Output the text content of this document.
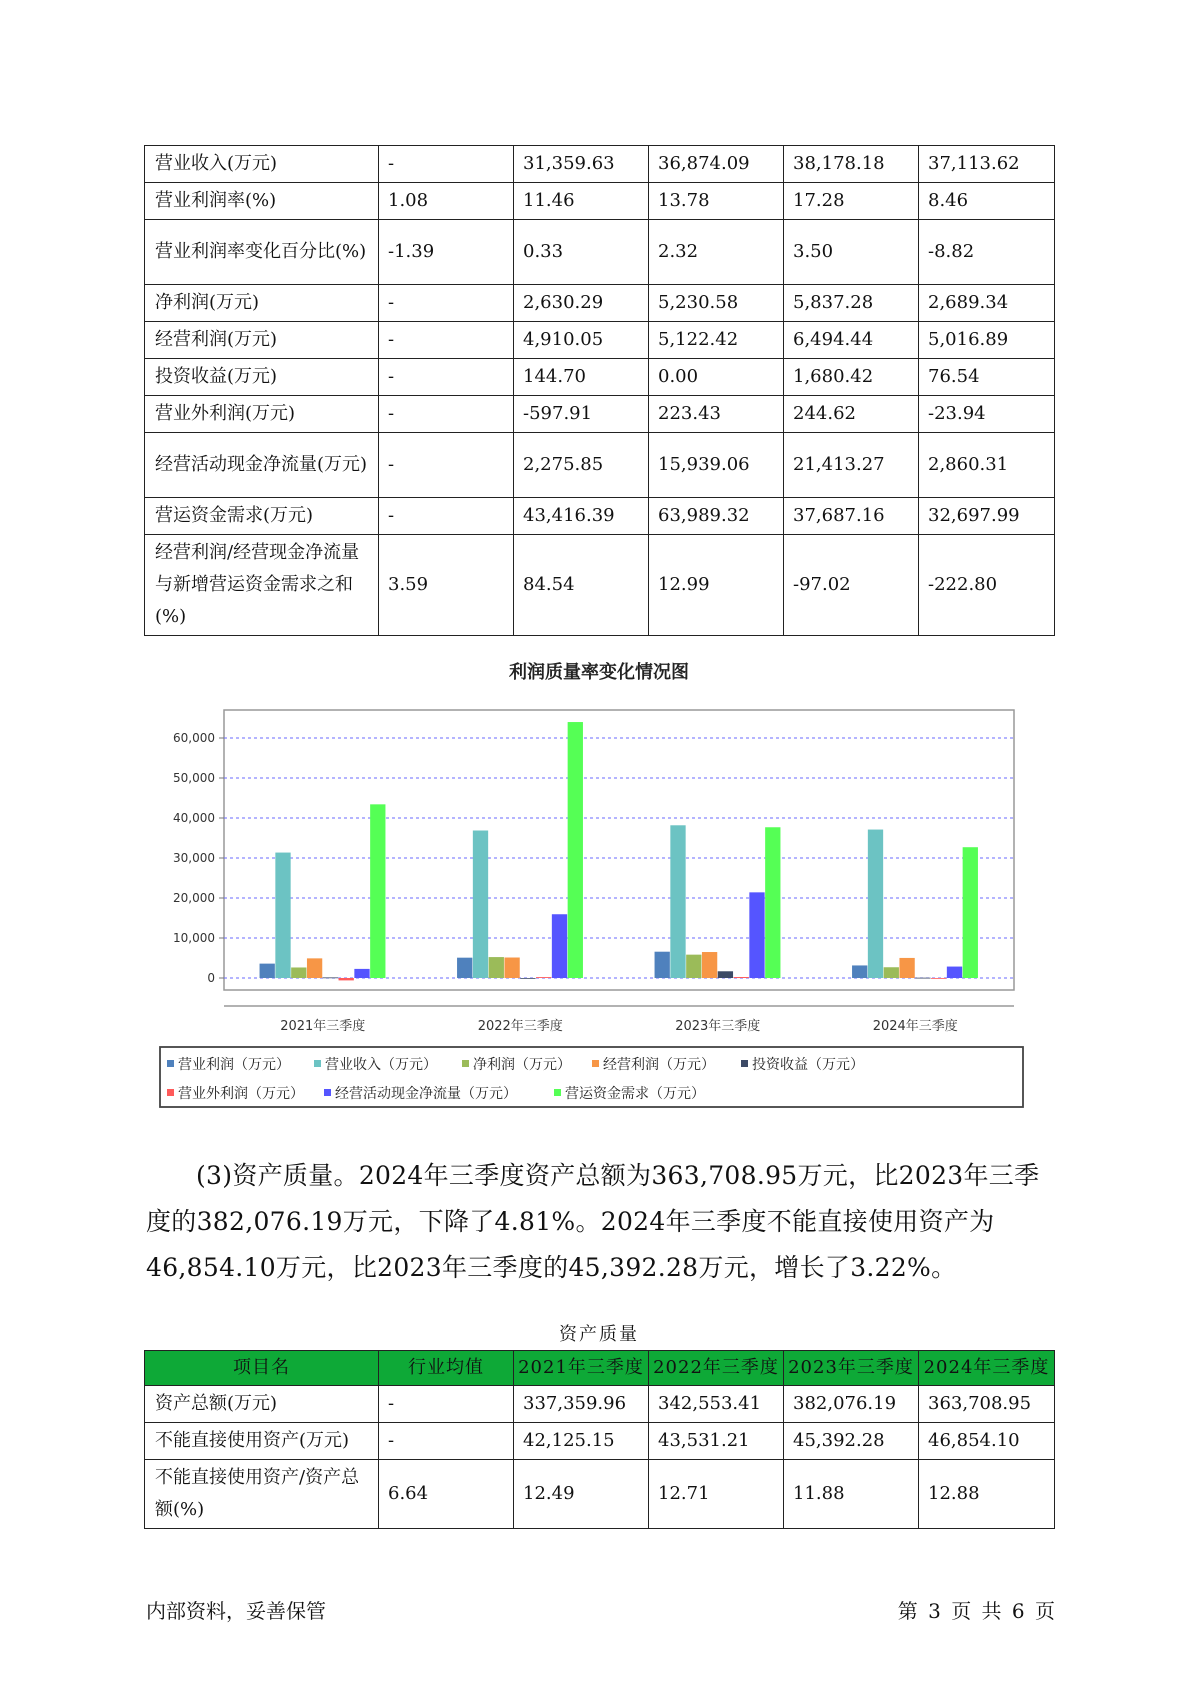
营业收入(万元)	-	31,359.63	36,874.09	38,178.18	37,113.62
营业利润率(%)	1.08	11.46	13.78	17.28	8.46
营业利润率变化百分比(%)	-1.39	0.33	2.32	3.50	-8.82
净利润(万元)	-	2,630.29	5,230.58	5,837.28	2,689.34
经营利润(万元)	-	4,910.05	5,122.42	6,494.44	5,016.89
投资收益(万元)	-	144.70	0.00	1,680.42	76.54
营业外利润(万元)	-	-597.91	223.43	244.62	-23.94
经营活动现金净流量(万元)	-	2,275.85	15,939.06	21,413.27	2,860.31
营运资金需求(万元)	-	43,416.39	63,989.32	37,687.16	32,697.99
经营利润/经营现金净流量与新增营运资金需求之和(%)	3.59	84.54	12.99	-97.02	-222.80
利润质量率变化情况图
0
10,000
20,000
30,000
40,000
50,000
60,000
2021年三季度	2022年三季度	2023年三季度	2024年三季度
营业利润（万元）	营业收入（万元）	净利润（万元） 经营利润（万元）	投资收益（万元）
营业外利润（万元） 经营活动现金净流量（万元）	营运资金需求（万元）

(3)资产质量。2024年三季度资产总额为363,708.95万元，比2023年三季度的382,076.19万元，下降了4.81%。2024年三季度不能直接使用资产为46,854.10万元，比2023年三季度的45,392.28万元，增长了3.22%。

资产质量
项目名	行业均值	2021年三季度	2022年三季度	2023年三季度	2024年三季度
资产总额(万元)	-	337,359.96	342,553.41	382,076.19	363,708.95
不能直接使用资产(万元)	-	42,125.15	43,531.21	45,392.28	46,854.10
不能直接使用资产/资产总额(%)	6.64	12.49	12.71	11.88	12.88
内部资料，妥善保管	第 3 页 共 6 页
